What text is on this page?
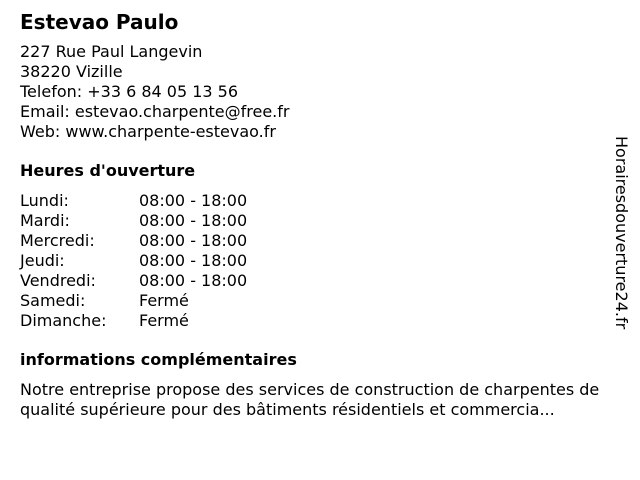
Estevao Paulo
227 Rue Paul Langevin
38220 Vizille
Telefon: +33 6 84 05 13 56
Email: estevao.charpente@free.fr
Web: www.charpente-estevao.fr
Heures d'ouverture
Lundi:	08:00 - 18:00
Mardi:	08:00 - 18:00
Mercredi:	08:00 - 18:00
Jeudi:	08:00 - 18:00
Vendredi:	08:00 - 18:00
Samedi:	Fermé
Dimanche:	Fermé
informations complémentaires
Notre entreprise propose des services de construction de charpentes de qualité supérieure pour des bâtiments résidentiels et commercia...
Horairesdouverture24.fr
